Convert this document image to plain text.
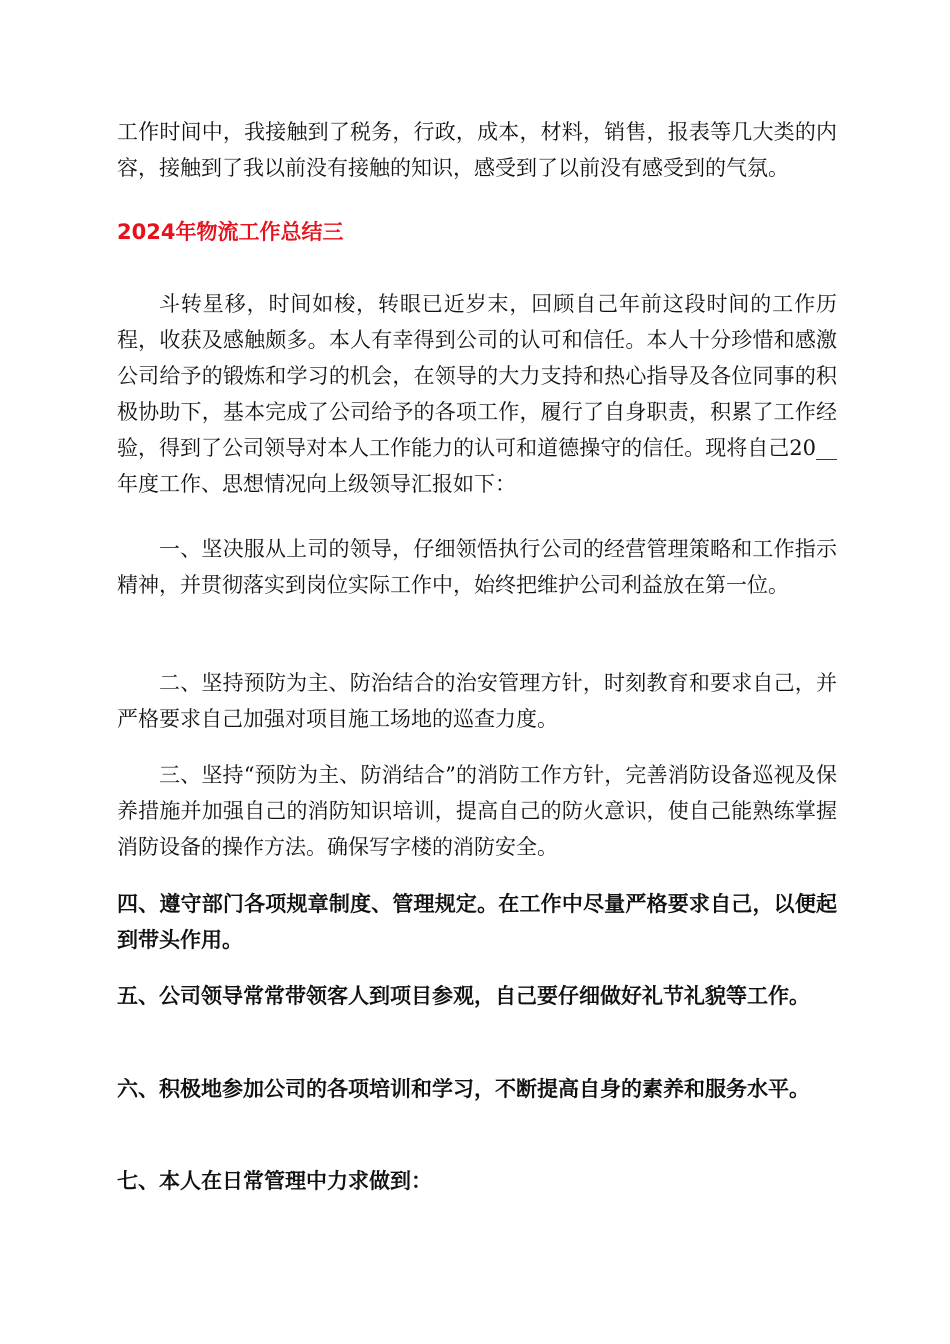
工作时间中，我接触到了税务，行政，成本，材料，销售，报表等几大类的内容，接触到了我以前没有接触的知识，感受到了以前没有感受到的气氛。

2024年物流工作总结三

斗转星移，时间如梭，转眼已近岁末，回顾自己年前这段时间的工作历程，收获及感触颇多。本人有幸得到公司的认可和信任。本人十分珍惜和感激公司给予的锻炼和学习的机会，在领导的大力支持和热心指导及各位同事的积极协助下，基本完成了公司给予的各项工作，履行了自身职责，积累了工作经验，得到了公司领导对本人工作能力的认可和道德操守的信任。现将自己20__年度工作、思想情况向上级领导汇报如下：

一、坚决服从上司的领导，仔细领悟执行公司的经营管理策略和工作指示精神，并贯彻落实到岗位实际工作中，始终把维护公司利益放在第一位。

二、坚持预防为主、防治结合的治安管理方针，时刻教育和要求自己，并严格要求自己加强对项目施工场地的巡查力度。

三、坚持“预防为主、防消结合”的消防工作方针，完善消防设备巡视及保养措施并加强自己的消防知识培训，提高自己的防火意识，使自己能熟练掌握消防设备的操作方法。确保写字楼的消防安全。

四、遵守部门各项规章制度、管理规定。在工作中尽量严格要求自己，以便起到带头作用。

五、公司领导常常带领客人到项目参观，自己要仔细做好礼节礼貌等工作。

六、积极地参加公司的各项培训和学习，不断提高自身的素养和服务水平。

七、本人在日常管理中力求做到：
